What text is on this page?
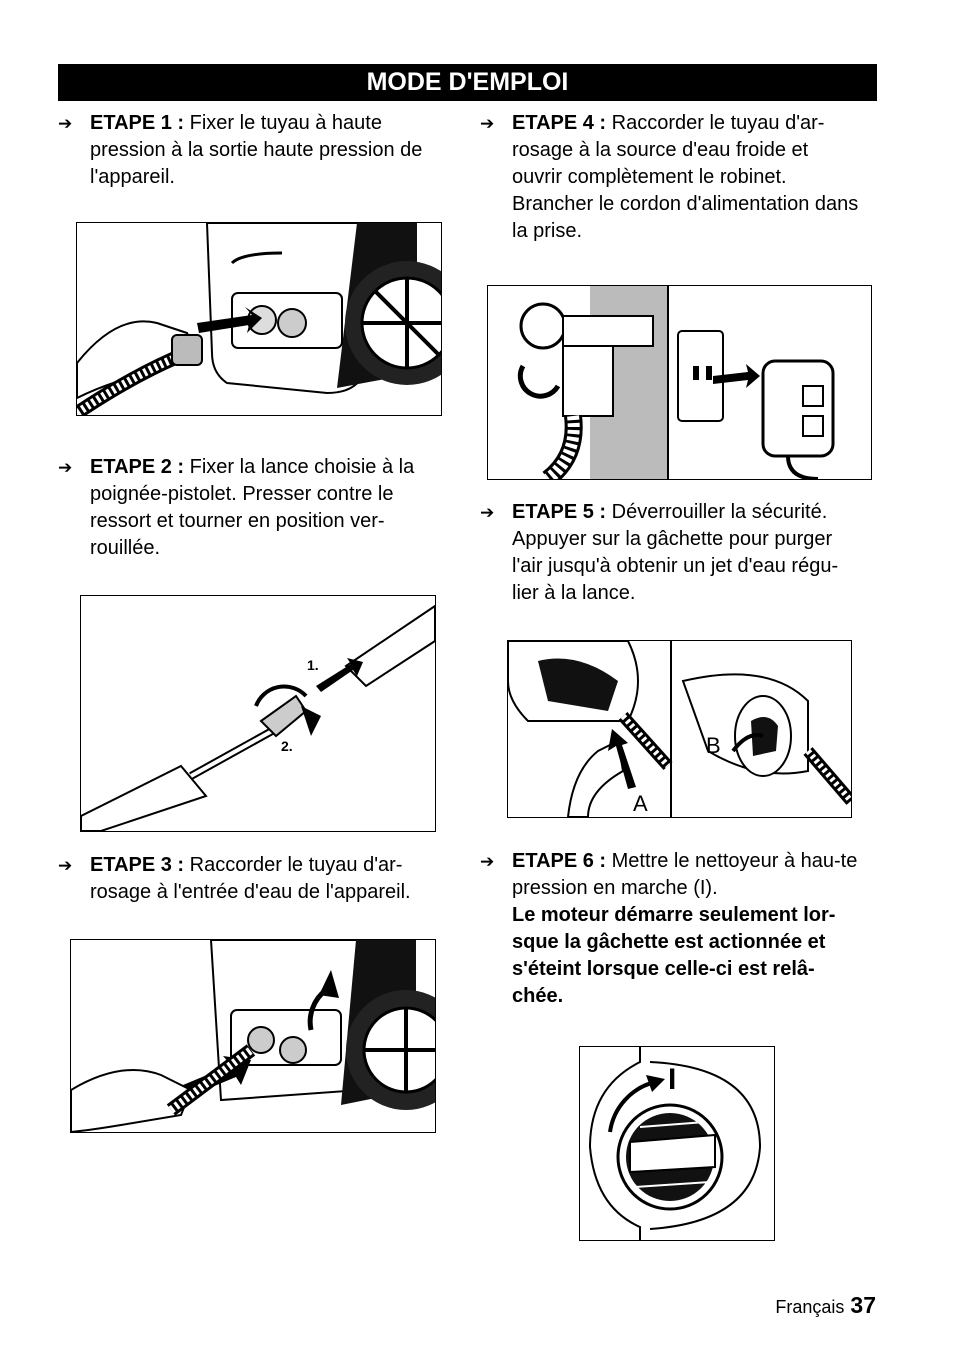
MODE D'EMPLOI
➔ ETAPE 1 : Fixer le tuyau à haute pression à la sortie haute pression de l'appareil.
➔ ETAPE 2 : Fixer la lance choisie à la poignée-pistolet. Presser contre le ressort et tourner en position ver-rouillée.
1.
2.
➔ ETAPE 3 : Raccorder le tuyau d'ar-rosage à l'entrée d'eau de l'appareil.
➔ ETAPE 4 : Raccorder le tuyau d'ar-rosage à la source d'eau froide et ouvrir complètement le robinet. Brancher le cordon d'alimentation dans la prise.
➔ ETAPE 5 : Déverrouiller la sécurité. Appuyer sur la gâchette pour purger l'air jusqu'à obtenir un jet d'eau régu-lier à la lance.
A
B
➔ ETAPE 6 : Mettre le nettoyeur à hau-te pression en marche (I).
Le moteur démarre seulement lor-sque la gâchette est actionnée et s'éteint lorsque celle-ci est relâ-chée.
I
Français 37
